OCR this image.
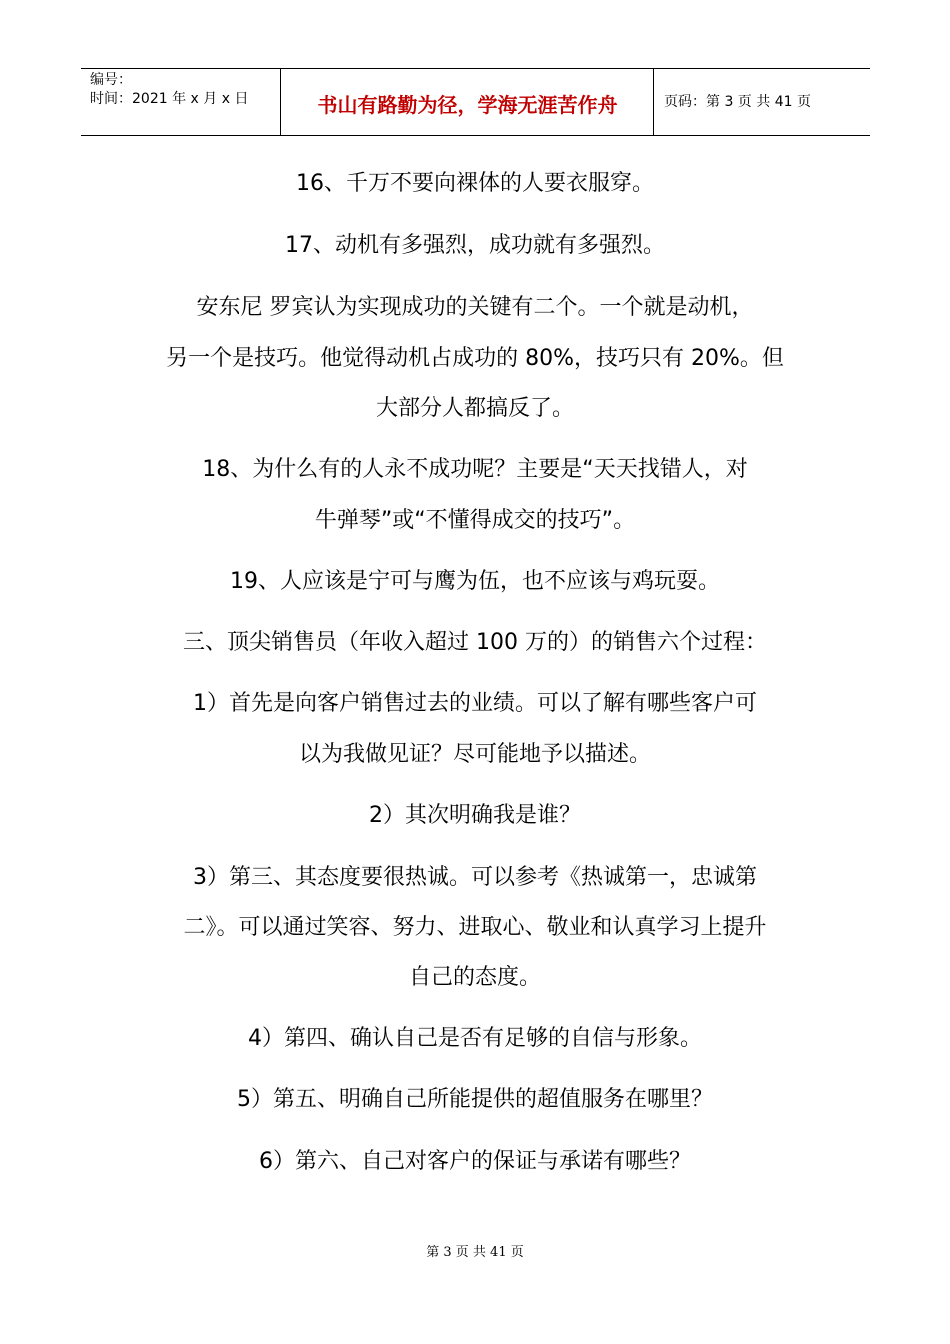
编号：
时间：2021 年 x 月 x 日	书山有路勤为径，学海无涯苦作舟	页码：第 3 页 共 41 页
16、千万不要向裸体的人要衣服穿。
17、动机有多强烈，成功就有多强烈。
安东尼 罗宾认为实现成功的关键有二个。一个就是动机，
另一个是技巧。他觉得动机占成功的 80%，技巧只有 20%。但
大部分人都搞反了。
18、为什么有的人永不成功呢？主要是“天天找错人，对
牛弹琴”或“不懂得成交的技巧”。
19、人应该是宁可与鹰为伍，也不应该与鸡玩耍。
三、顶尖销售员（年收入超过 100 万的）的销售六个过程：
1）首先是向客户销售过去的业绩。可以了解有哪些客户可
以为我做见证？尽可能地予以描述。
2）其次明确我是谁？
3）第三、其态度要很热诚。可以参考《热诚第一，忠诚第
二》。可以通过笑容、努力、进取心、敬业和认真学习上提升
自己的态度。
4）第四、确认自己是否有足够的自信与形象。
5）第五、明确自己所能提供的超值服务在哪里？
6）第六、自己对客户的保证与承诺有哪些？
第 3 页 共 41 页
